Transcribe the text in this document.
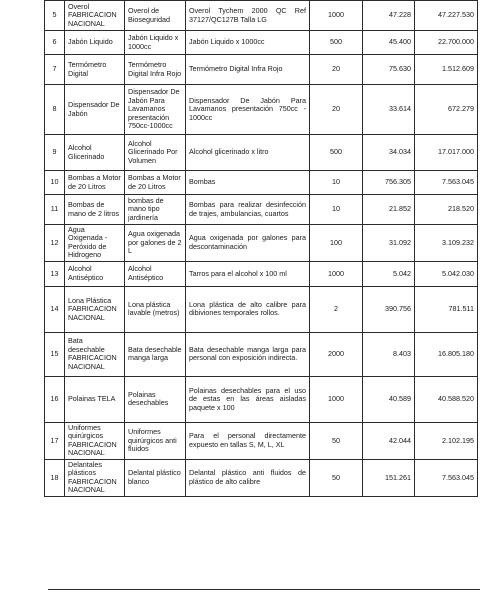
5	Overol FABRICACION NACIONAL	Overol de Bioseguridad	Overol Tychem 2000 QC Ref 37127/QC127B Talla LG	1000	47.228	47.227.530
6	Jabón Liquido	Jabón Liquido x 1000cc	Jabón Liquido x 1000cc	500	45.400	22.700.000
7	Termómetro Digital	Termómetro Digital Infra Rojo	Termómetro Digital Infra Rojo	20	75.630	1.512.609
8	Dispensador De Jabón	Dispensador De Jabón Para Lavamanos presentación 750cc-1000cc	Dispensador De Jabón Para Lavamanos presentación 750cc - 1000cc	20	33.614	672.279
9	Alcohol Glicerinado	Alcohol Glicerinado Por Volumen	Alcohol glicerinado x litro	500	34.034	17.017.000
10	Bombas a Motor de 20 Litros	Bombas a Motor de 20 Litros	Bombas	10	756.305	7.563.045
11	Bombas de mano de 2 litros	bombas de mano tipo jardinería	Bombas para realizar desinfección de trajes, ambulancias, cuartos	10	21.852	218.520
12	Agua Oxigenada - Peróxido de Hidrogeno	Agua oxigenada por galones de 2 L	Agua oxigenada por galones para descontaminación	100	31.092	3.109.232
13	Alcohol Antiséptico	Alcohol Antiséptico	Tarros para el alcohol x 100 ml	1000	5.042	5.042.030
14	Lona Plástica FABRICACION NACIONAL	Lona plástica lavable (metros)	Lona plástica de alto calibre para dibiviones temporales rollos.	2	390.756	781.511
15	Bata desechable FABRICACION NACIONAL	Bata desechable manga larga	Bata desechable manga larga para personal con exposición indirecta.	2000	8.403	16.805.180
16	Polainas TELA	Polainas desechables	Polainas desechables para el uso de estas en las áreas aisladas paquete x 100	1000	40.589	40.588.520
17	Uniformes quirúrgicos FABRICACION NACIONAL	Uniformes quirúrgicos anti fluidos	Para el personal directamente expuesto en tallas S, M, L, XL	50	42.044	2.102.195
18	Delantales plásticos FABRICACION NACIONAL	Delantal plástico blanco	Delantal plástico anti fluidos de plástico de alto calibre	50	151.261	7.563.045
